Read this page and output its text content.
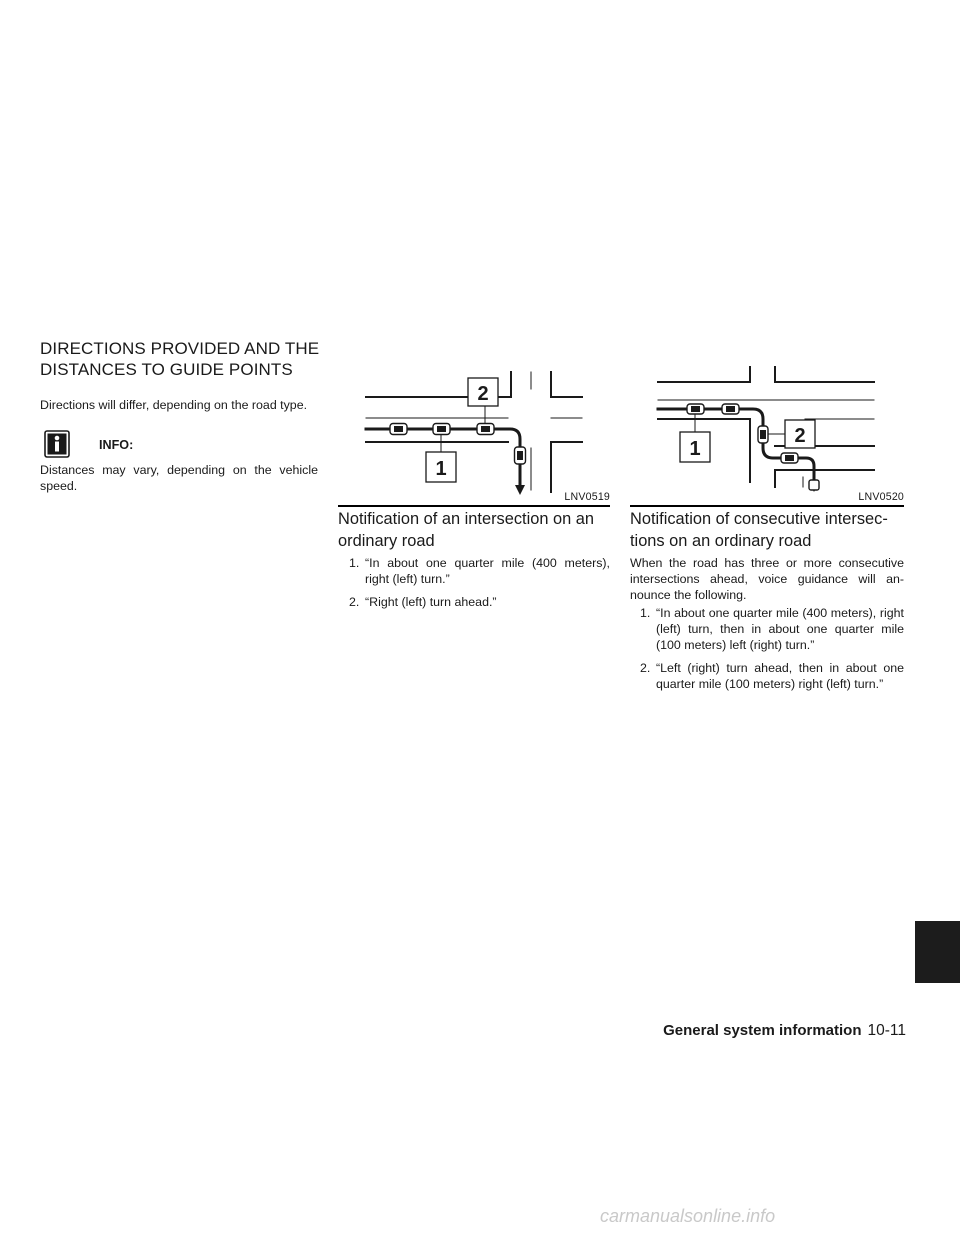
DIRECTIONS PROVIDED AND THE DISTANCES TO GUIDE POINTS

Directions will differ, depending on the road type.

INFO:

Distances may vary, depending on the vehicle speed.

1
2
LNV0519
Notification of an intersection on an ordinary road
1. “In about one quarter mile (400 meters), right (left) turn.”
2. “Right (left) turn ahead.”
1
2
LNV0520
Notification of consecutive intersec- tions on an ordinary road

When the road has three or more consecutive intersections ahead, voice guidance will an- nounce the following.

1. “In about one quarter mile (400 meters), right (left) turn, then in about one quarter mile (100 meters) left (right) turn.”
2. “Left (right) turn ahead, then in about one quarter mile (100 meters) right (left) turn.”
General system information 10-11
carmanualsonline.info
